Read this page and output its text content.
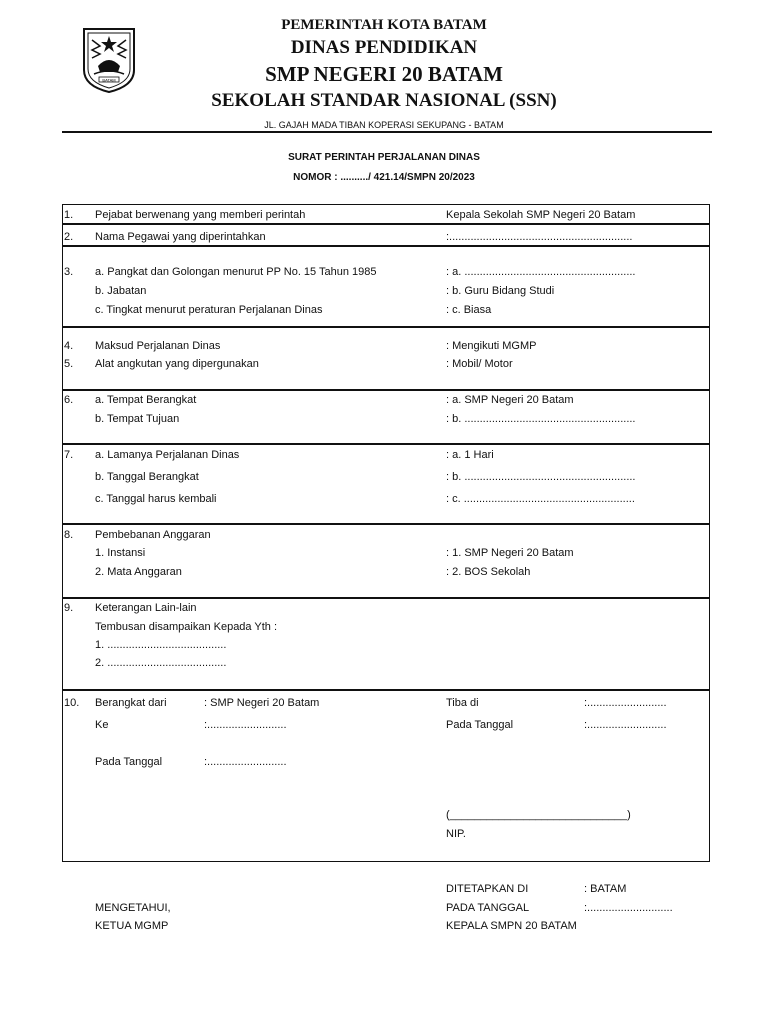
BATAM
PEMERINTAH KOTA BATAM
DINAS PENDIDIKAN
SMP NEGERI 20 BATAM
SEKOLAH STANDAR NASIONAL (SSN)
JL. GAJAH MADA TIBAN KOPERASI SEKUPANG - BATAM
SURAT PERINTAH PERJALANAN DINAS
NOMOR : ........../ 421.14/SMPN 20/2023
1. Pejabat berwenang yang memberi perintah	Kepala Sekolah SMP Negeri 20 Batam
2. Nama Pegawai yang diperintahkan	:............................................................
3. a. Pangkat dan Golongan menurut PP No. 15 Tahun 1985	: a. ........................................................
b. Jabatan	: b. Guru Bidang Studi
c. Tingkat menurut peraturan Perjalanan Dinas	: c. Biasa
4. Maksud Perjalanan Dinas	: Mengikuti MGMP
5. Alat angkutan yang dipergunakan	: Mobil/ Motor
6. a. Tempat Berangkat	: a. SMP Negeri 20 Batam
b. Tempat Tujuan	: b. ........................................................
7. a. Lamanya Perjalanan Dinas	: a. 1 Hari
b. Tanggal Berangkat	: b. ........................................................
c. Tanggal harus kembali	: c. ........................................................
8. Pembebanan Anggaran
1. Instansi	: 1. SMP Negeri 20 Batam
2. Mata Anggaran	: 2. BOS Sekolah
9. Keterangan Lain-lain
Tembusan disampaikan Kepada Yth :
1. .......................................
2. .......................................
10. Berangkat dari	: SMP Negeri 20 Batam
Ke	:..........................
Pada Tanggal	:..........................
Tiba di	:..........................
Pada Tanggal	:..........................
(_____________________________)
NIP.
DITETAPKAN DI	: BATAM
MENGETAHUI,	PADA TANGGAL	:............................
KETUA MGMP	KEPALA SMPN 20 BATAM
